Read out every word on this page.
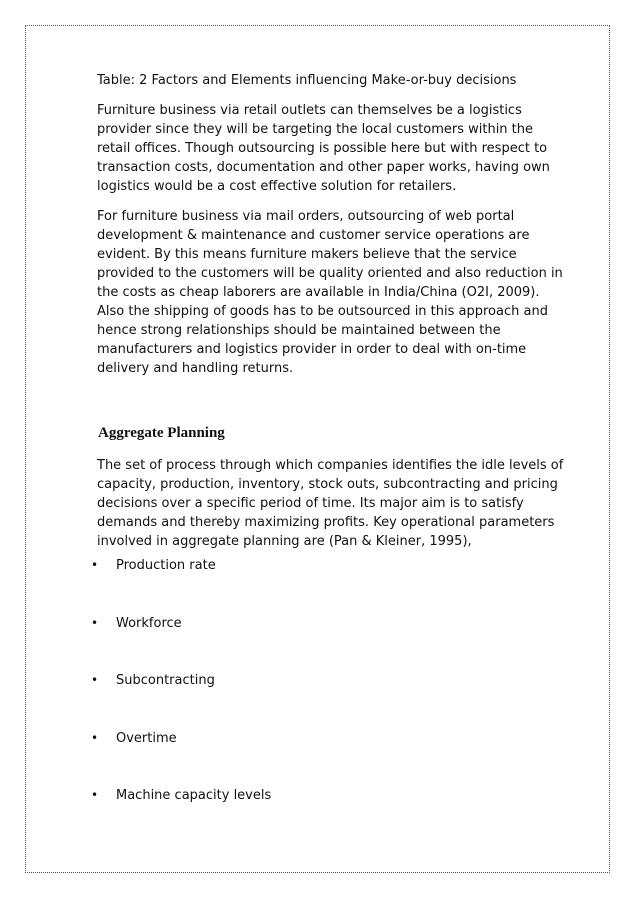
Table: 2 Factors and Elements influencing Make-or-buy decisions

Furniture business via retail outlets can themselves be a logistics provider since they will be targeting the local customers within the retail offices. Though outsourcing is possible here but with respect to transaction costs, documentation and other paper works, having own logistics would be a cost effective solution for retailers.

For furniture business via mail orders, outsourcing of web portal development & maintenance and customer service operations are evident. By this means furniture makers believe that the service provided to the customers will be quality oriented and also reduction in the costs as cheap laborers are available in India/China (O2I, 2009). Also the shipping of goods has to be outsourced in this approach and hence strong relationships should be maintained between the manufacturers and logistics provider in order to deal with on-time delivery and handling returns.

Aggregate Planning

The set of process through which companies identifies the idle levels of capacity, production, inventory, stock outs, subcontracting and pricing decisions over a specific period of time. Its major aim is to satisfy demands and thereby maximizing profits. Key operational parameters involved in aggregate planning are (Pan & Kleiner, 1995),

• Production rate
• Workforce
• Subcontracting
• Overtime
• Machine capacity levels
